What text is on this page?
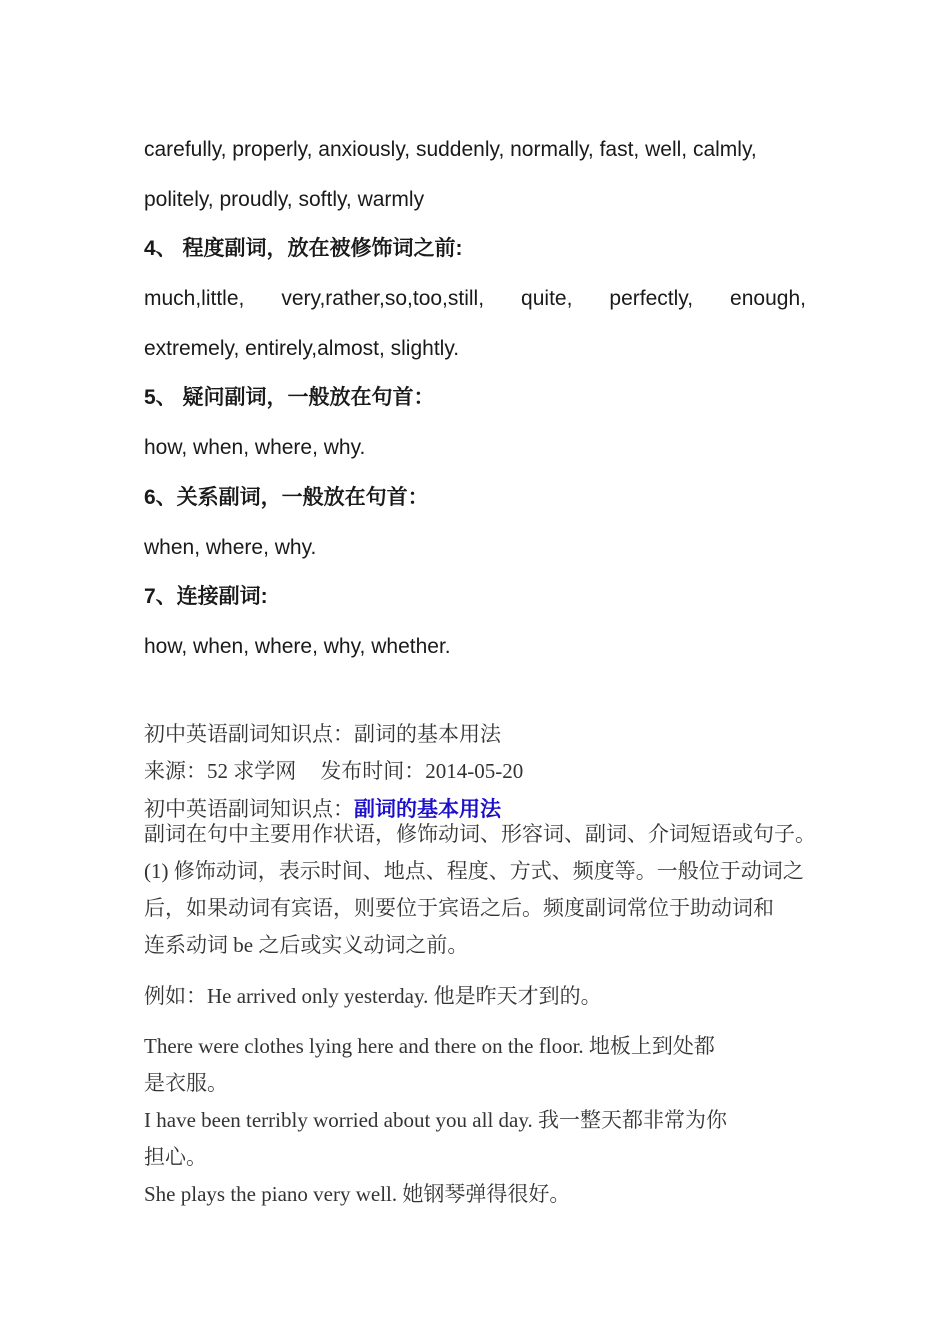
carefully, properly, anxiously, suddenly, normally, fast, well, calmly,

politely, proudly, softly, warmly

4、 程度副词，放在被修饰词之前:

much,little, very,rather,so,too,still, quite, perfectly, enough,

extremely, entirely,almost, slightly.

5、 疑问副词，一般放在句首：

how, when, where, why.

6、关系副词，一般放在句首：

when, where, why.

7、连接副词:

how, when, where, why, whether.

初中英语副词知识点：副词的基本用法

来源：52 求学网 发布时间：2014-05-20
初中英语副词知识点：副词的基本用法

副词在句中主要用作状语，修饰动词、形容词、副词、介词短语或句子。

(1) 修饰动词，表示时间、地点、程度、方式、频度等。一般位于动词之

后，如果动词有宾语，则要位于宾语之后。频度副词常位于助动词和

连系动词 be 之后或实义动词之前。

例如：He arrived only yesterday. 他是昨天才到的。
There were clothes lying here and there on the floor. 地板上到处都

是衣服。

I have been terribly worried about you all day. 我一整天都非常为你

担心。

She plays the piano very well. 她钢琴弹得很好。
